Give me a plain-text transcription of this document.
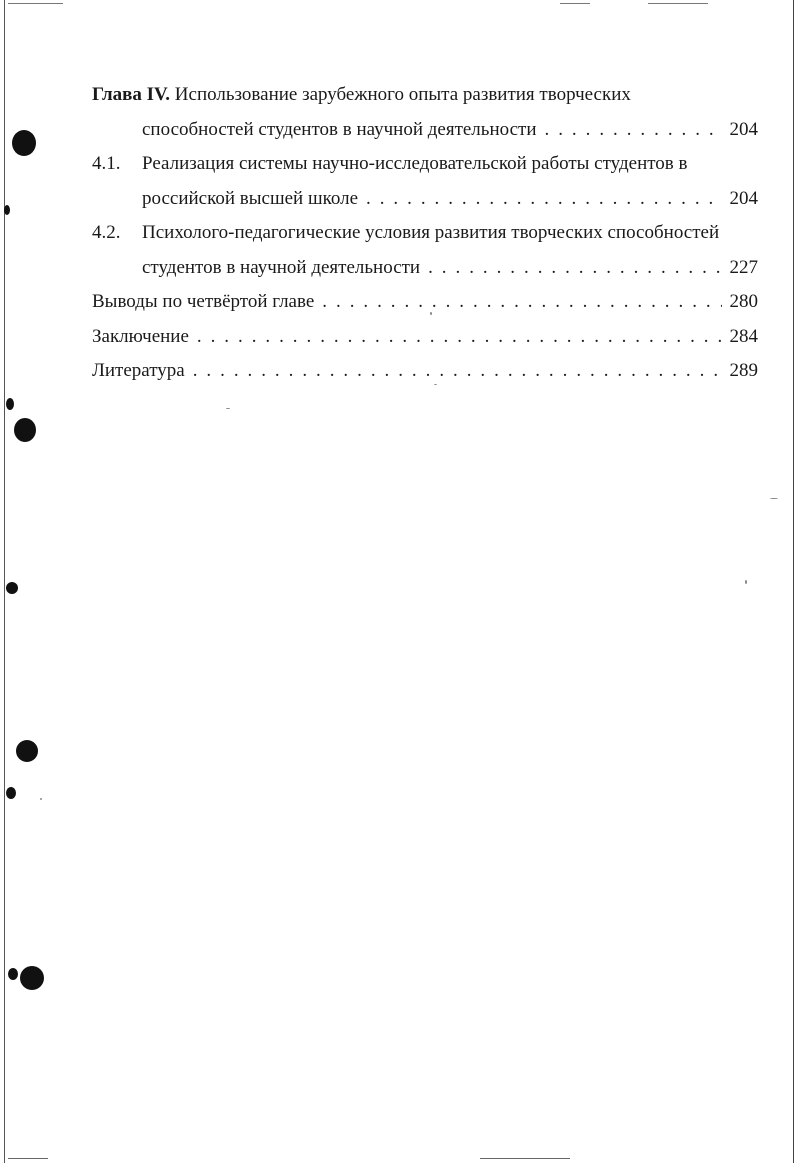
Глава IV. Использование зарубежного опыта развития творческих
способностей студентов в научной деятельности . . .	204
4.1.	Реализация системы научно-исследовательской работы студентов в
российской высшей школе . . .	204
4.2.	Психолого-педагогические условия развития творческих способностей
студентов в научной деятельности . . .	227
Выводы по четвёртой главе . . .	280
Заключение . . .	284
Литература . . .	289
